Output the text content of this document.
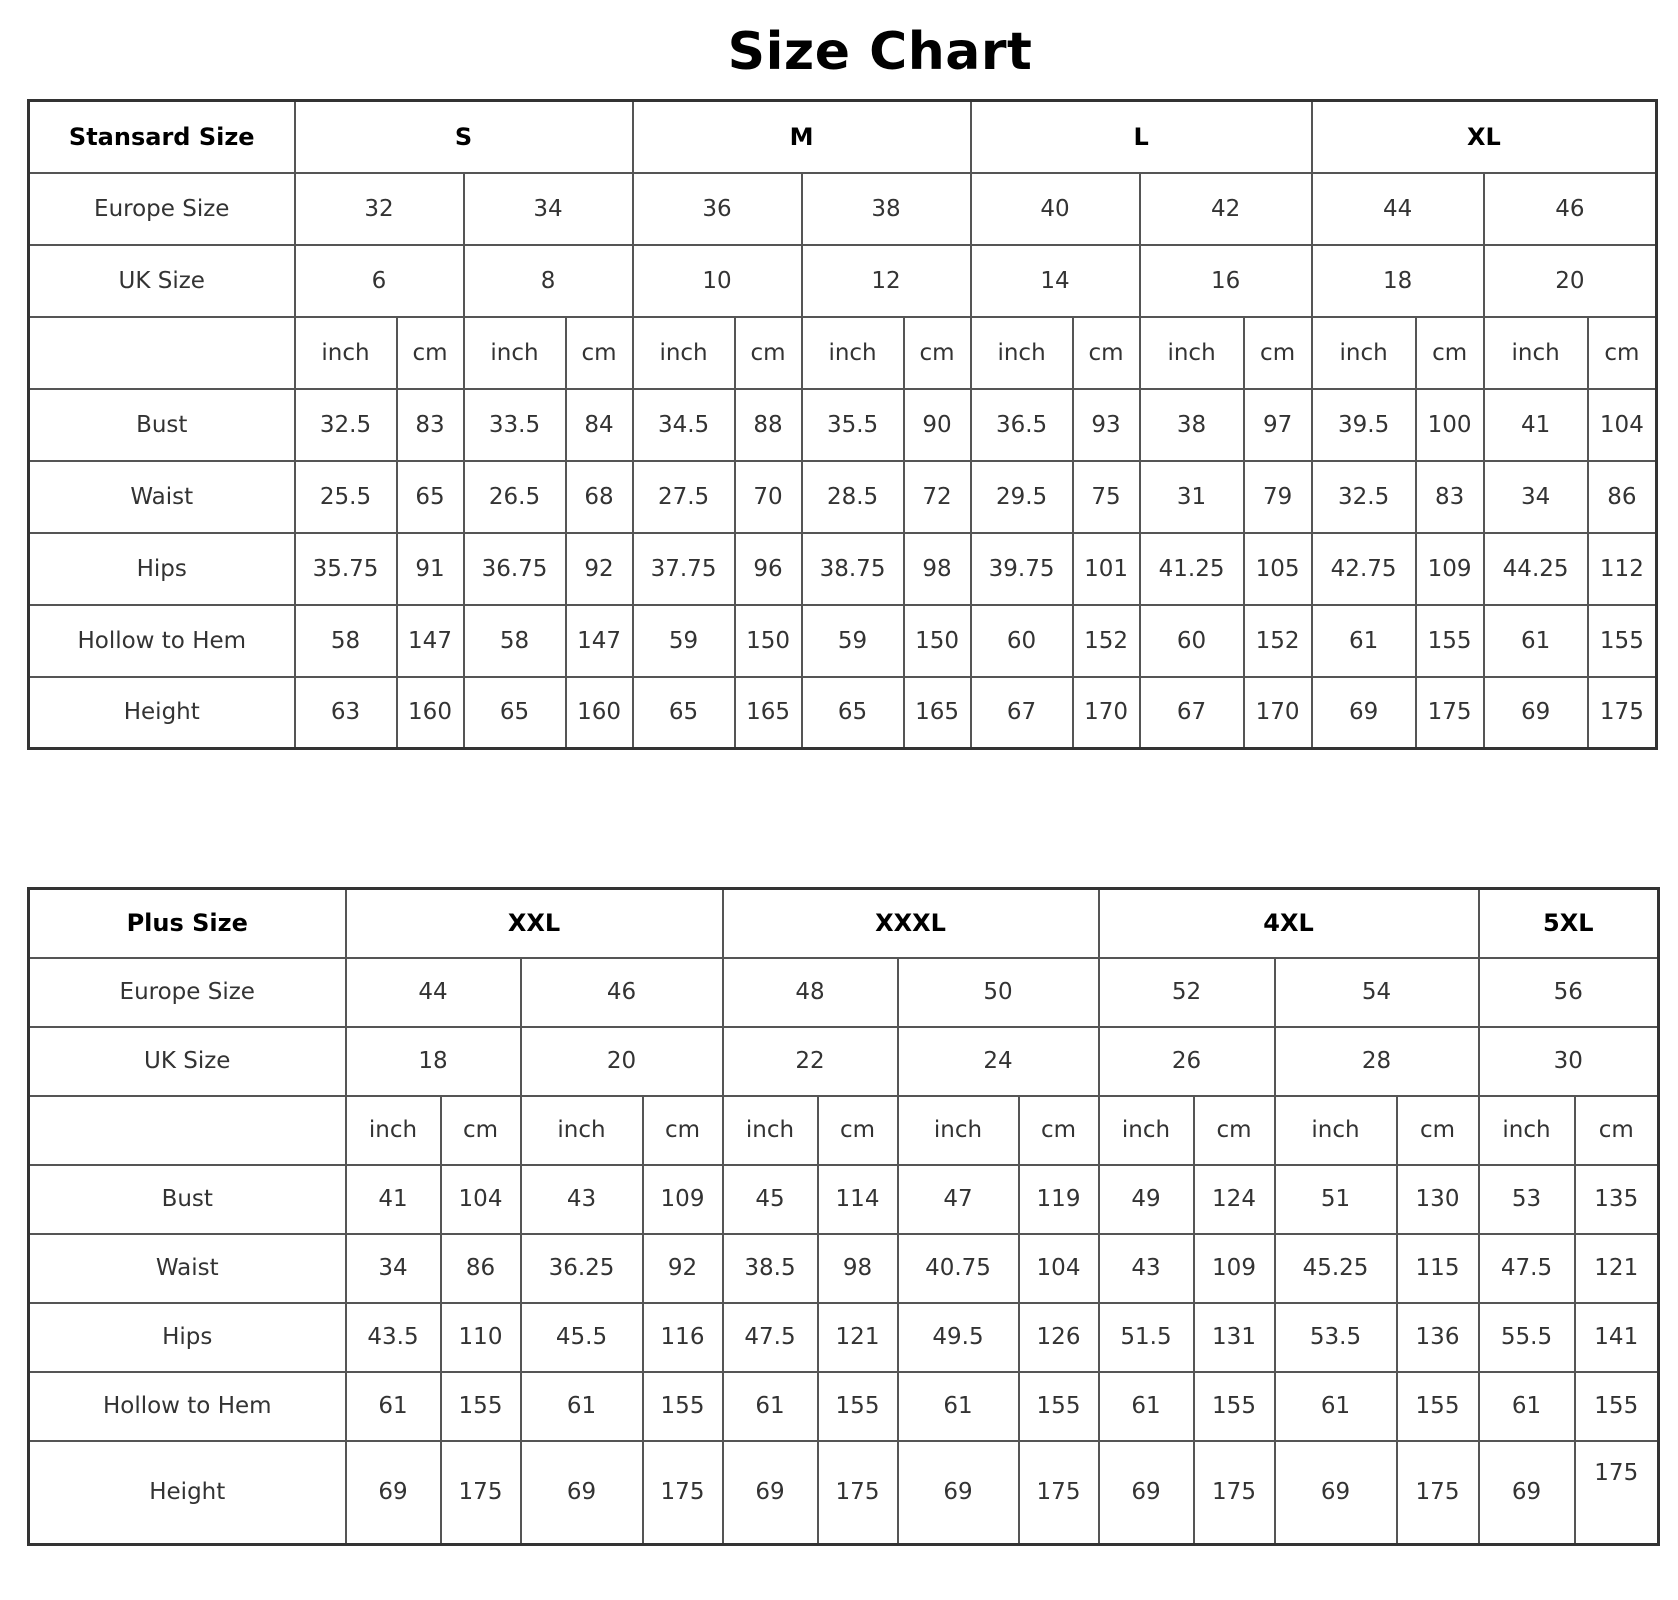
Size Chart
Stansard Size	S				M				L				XL			
Europe Size	32		34		36		38		40		42		44		46	
UK Size	6		8		10		12		14		16		18		20	
	inch	cm	inch	cm	inch	cm	inch	cm	inch	cm	inch	cm	inch	cm	inch	cm
Bust	32.5	83	33.5	84	34.5	88	35.5	90	36.5	93	38	97	39.5	100	41	104
Waist	25.5	65	26.5	68	27.5	70	28.5	72	29.5	75	31	79	32.5	83	34	86
Hips	35.75	91	36.75	92	37.75	96	38.75	98	39.75	101	41.25	105	42.75	109	44.25	112
Hollow to Hem	58	147	58	147	59	150	59	150	60	152	60	152	61	155	61	155
Height	63	160	65	160	65	165	65	165	67	170	67	170	69	175	69	175
Plus Size	XXL				XXXL				4XL				5XL	
Europe Size	44		46		48		50		52		54		56	
UK Size	18		20		22		24		26		28		30	
	inch	cm	inch	cm	inch	cm	inch	cm	inch	cm	inch	cm	inch	cm
Bust	41	104	43	109	45	114	47	119	49	124	51	130	53	135
Waist	34	86	36.25	92	38.5	98	40.75	104	43	109	45.25	115	47.5	121
Hips	43.5	110	45.5	116	47.5	121	49.5	126	51.5	131	53.5	136	55.5	141
Hollow to Hem	61	155	61	155	61	155	61	155	61	155	61	155	61	155
Height	69	175	69	175	69	175	69	175	69	175	69	175	69	175
